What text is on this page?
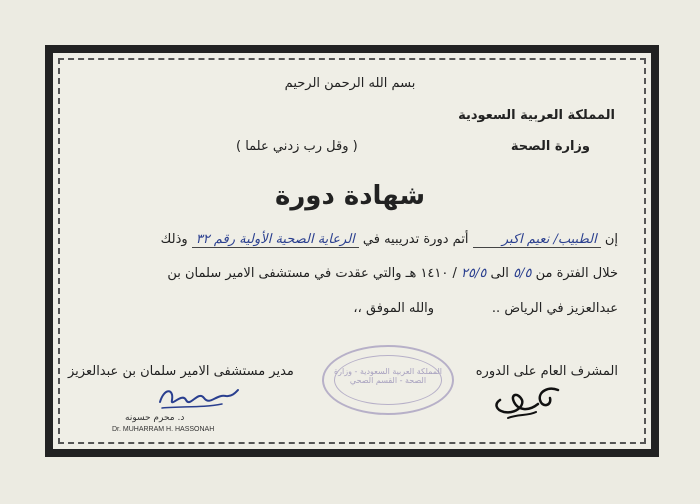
بسم الله الرحمن الرحيم
المملكة العربية السعودية
وزارة الصحة
( وقل رب زدني علما )
شهادة دورة
إن الطبيب/ نعيم اكبر أتم دورة تدريبيه في الرعاية الصحية الأولية رقم ٣٢ وذلك
خلال الفترة من ٥/٥ الى ٢٥/٥ / ١٤١٠ هـ والتي عقدت في مستشفى الامير سلمان بن
عبدالعزيز في الرياض ..              والله الموفق ،،
المشرف العام على الدوره
مدير مستشفى الامير سلمان بن عبدالعزيز	المملكة العربية السعودية - وزارة الصحة - القسم الصحي
د. محرم حسونه
Dr. MUHARRAM H. HASSONAH
